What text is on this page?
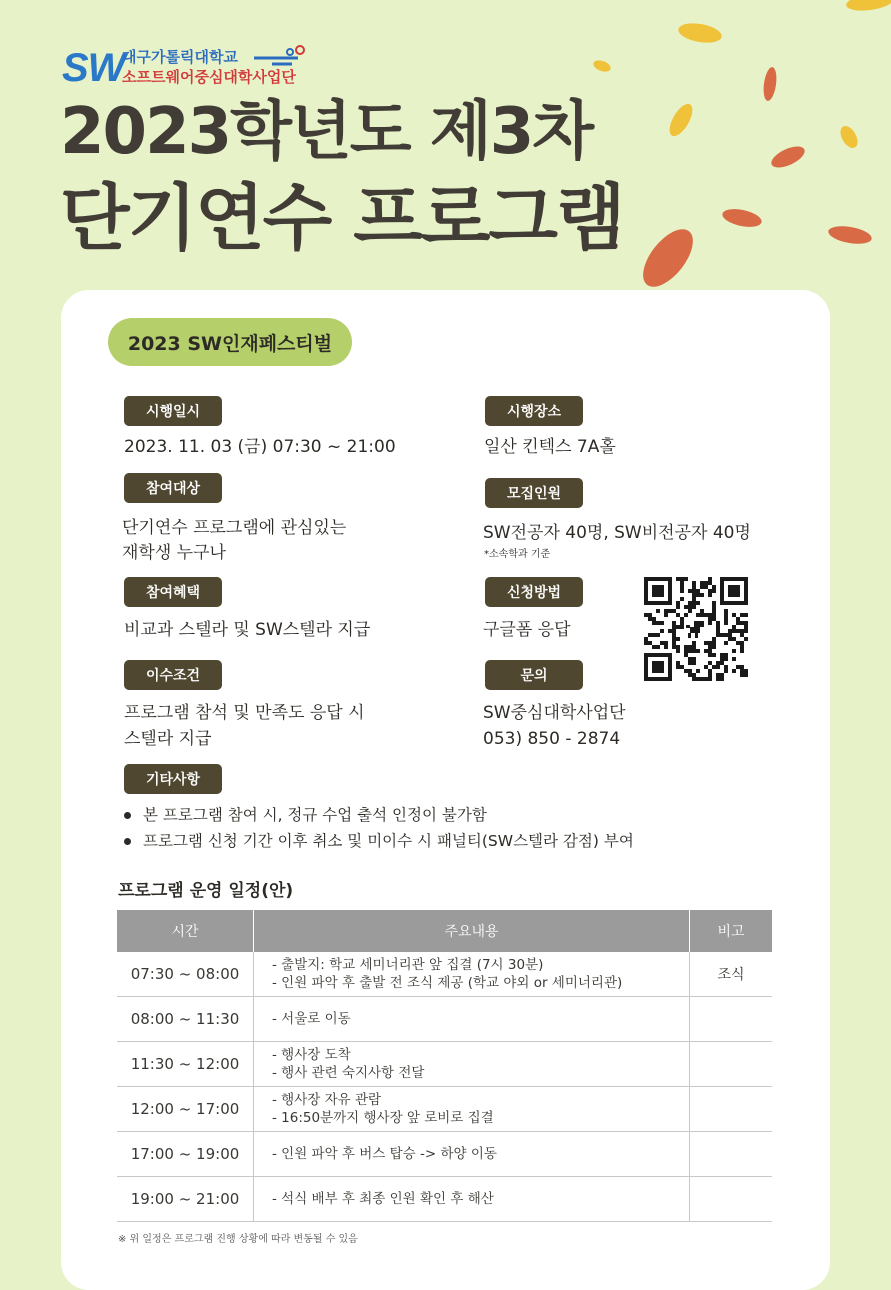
SW
대구가톨릭대학교
소프트웨어중심대학사업단
2023학년도 제3차
단기연수 프로그램
2023 SW인재페스티벌
시행일시
2023. 11. 03 (금) 07:30 ~ 21:00
참여대상
단기연수 프로그램에 관심있는
재학생 누구나
참여혜택
비교과 스텔라 및 SW스텔라 지급
이수조건
프로그램 참석 및 만족도 응답 시
스텔라 지급
시행장소
일산 킨텍스 7A홀
모집인원
SW전공자 40명, SW비전공자 40명
*소속학과 기준
신청방법
구글폼 응답
문의
SW중심대학사업단
053) 850 - 2874
기타사항
본 프로그램 참여 시, 정규 수업 출석 인정이 불가함
프로그램 신청 기간 이후 취소 및 미이수 시 패널티(SW스텔라 감점) 부여
프로그램 운영 일정(안)
시간	주요내용	비고
07:30 ~ 08:00	- 출발지: 학교 세미너리관 앞 집결 (7시 30분)
- 인원 파악 후 출발 전 조식 제공 (학교 야외 or 세미너리관)	조식
08:00 ~ 11:30	- 서울로 이동	

11:30 ~ 12:00	- 행사장 도착
- 행사 관련 숙지사항 전달	

12:00 ~ 17:00	- 행사장 자유 관람
- 16:50분까지 행사장 앞 로비로 집결	

17:00 ~ 19:00	- 인원 파악 후 버스 탑승 -> 하양 이동	

19:00 ~ 21:00	- 석식 배부 후 최종 인원 확인 후 해산	

※ 위 일정은 프로그램 진행 상황에 따라 변동될 수 있음
